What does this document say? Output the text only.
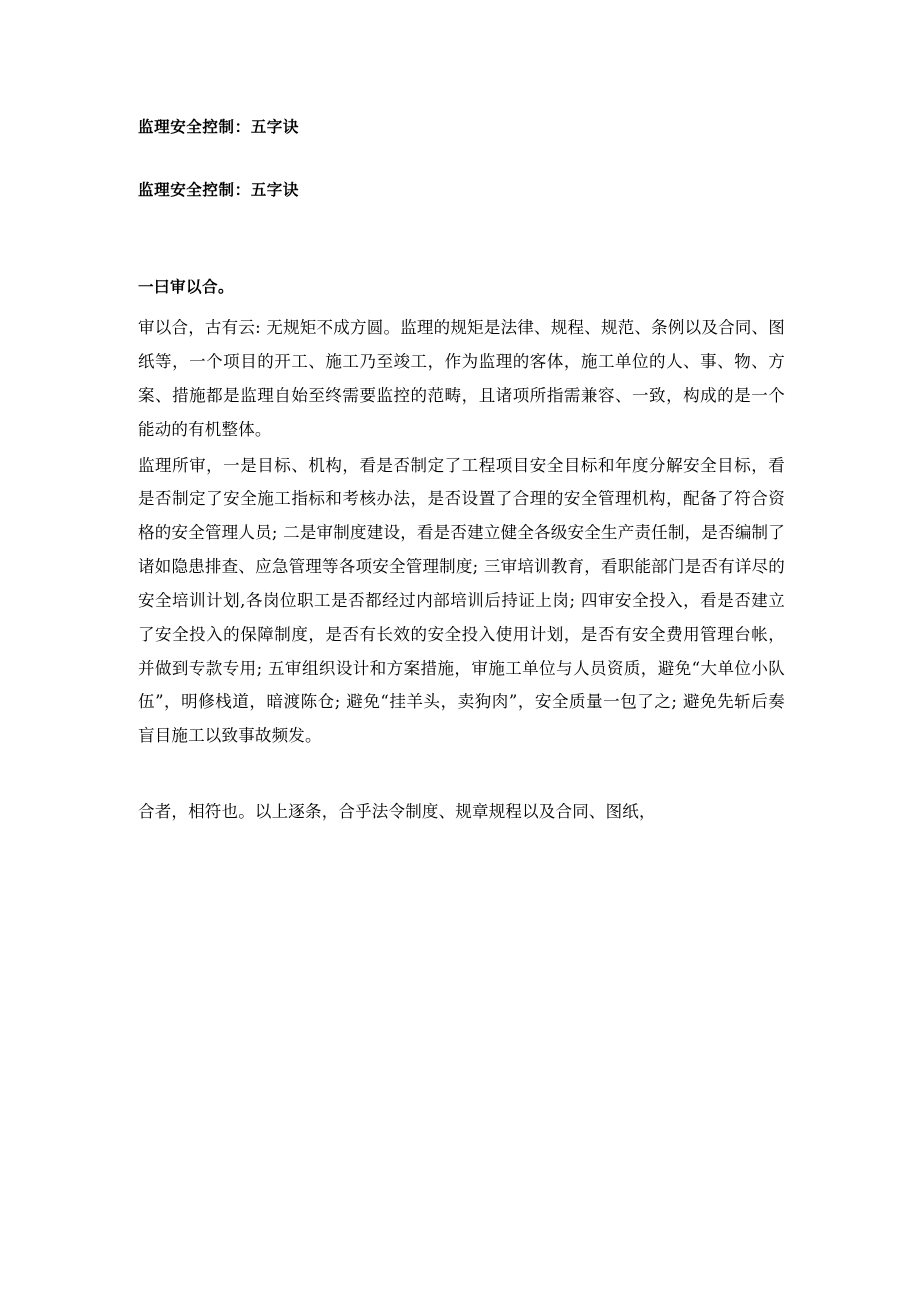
监理安全控制：五字诀
监理安全控制：五字诀
一曰审以合。

审以合，古有云: 无规矩不成方圆。监理的规矩是法律、规程、规范、条例以及合同、图纸等，一个项目的开工、施工乃至竣工，作为监理的客体，施工单位的人、事、物、方案、措施都是监理自始至终需要监控的范畴，且诸项所指需兼容、一致，构成的是一个能动的有机整体。

监理所审，一是目标、机构，看是否制定了工程项目安全目标和年度分解安全目标，看是否制定了安全施工指标和考核办法，是否设置了合理的安全管理机构，配备了符合资格的安全管理人员; 二是审制度建设，看是否建立健全各级安全生产责任制，是否编制了诸如隐患排查、应急管理等各项安全管理制度; 三审培训教育，看职能部门是否有详尽的安全培训计划,各岗位职工是否都经过内部培训后持证上岗; 四审安全投入，看是否建立了安全投入的保障制度，是否有长效的安全投入使用计划，是否有安全费用管理台帐，并做到专款专用; 五审组织设计和方案措施，审施工单位与人员资质，避免“大单位小队伍”，明修栈道，暗渡陈仓; 避免“挂羊头，卖狗肉”，安全质量一包了之; 避免先斩后奏盲目施工以致事故频发。

合者，相符也。以上逐条，合乎法令制度、规章规程以及合同、图纸，
